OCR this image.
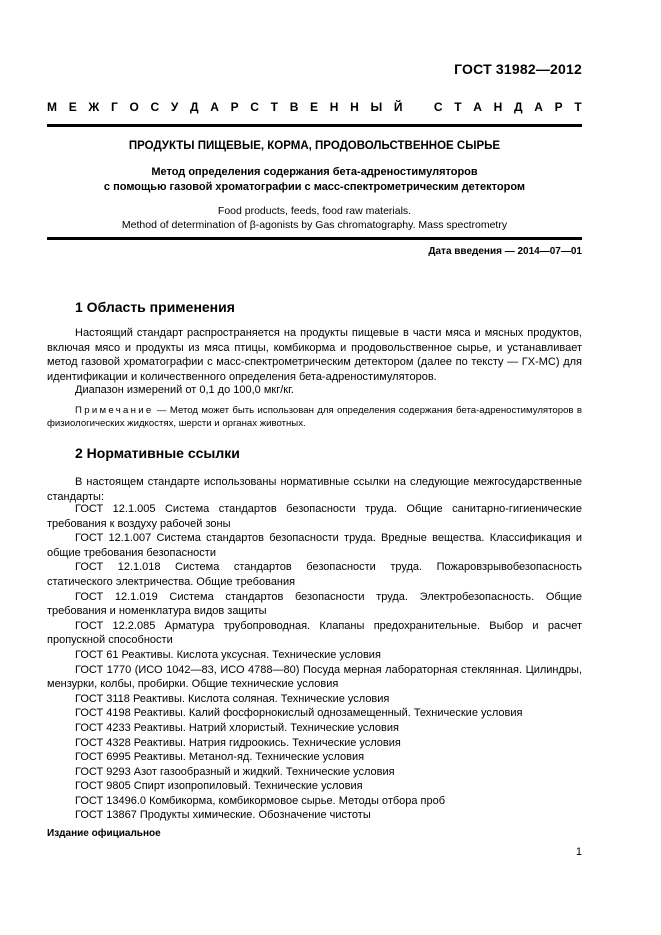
ГОСТ 31982—2012
М Е Ж Г О С У Д А Р С Т В Е Н Н Ы Й	С Т А Н Д А Р Т
ПРОДУКТЫ ПИЩЕВЫЕ, КОРМА, ПРОДОВОЛЬСТВЕННОЕ СЫРЬЕ
Метод определения содержания бета-адреностимуляторов
с помощью газовой хроматографии с масс-спектрометрическим детектором
Food products, feeds, food raw materials.
Method of determination of β-agonists by Gas chromatography. Mass spectrometry
Дата введения — 2014—07—01
1 Область применения
Настоящий стандарт распространяется на продукты пищевые в части мяса и мясных продуктов, включая мясо и продукты из мяса птицы, комбикорма и продовольственное сырье, и устанавливает метод газовой хроматографии с масс-спектрометрическим детектором (далее по тексту — ГХ-МС) для идентификации и количественного определения бета-адреностимуляторов.
Диапазон измерений от 0,1 до 100,0 мкг/кг.
Примечание — Метод может быть использован для определения содержания бета-адреностимуляторов в физиологических жидкостях, шерсти и органах животных.
2 Нормативные ссылки
В настоящем стандарте использованы нормативные ссылки на следующие межгосударственные стандарты:
ГОСТ 12.1.005 Система стандартов безопасности труда. Общие санитарно-гигиенические требования к воздуху рабочей зоны
ГОСТ 12.1.007 Система стандартов безопасности труда. Вредные вещества. Классификация и общие требования безопасности
ГОСТ 12.1.018 Система стандартов безопасности труда. Пожаровзрывобезопасность статического электричества. Общие требования
ГОСТ 12.1.019 Система стандартов безопасности труда. Электробезопасность. Общие требования и номенклатура видов защиты
ГОСТ 12.2.085 Арматура трубопроводная. Клапаны предохранительные. Выбор и расчет пропускной способности
ГОСТ 61 Реактивы. Кислота уксусная. Технические условия
ГОСТ 1770 (ИСО 1042—83, ИСО 4788—80) Посуда мерная лабораторная стеклянная. Цилиндры, мензурки, колбы, пробирки. Общие технические условия
ГОСТ 3118 Реактивы. Кислота соляная. Технические условия
ГОСТ 4198 Реактивы. Калий фосфорнокислый однозамещенный. Технические условия
ГОСТ 4233 Реактивы. Натрий хлористый. Технические условия
ГОСТ 4328 Реактивы. Натрия гидроокись. Технические условия
ГОСТ 6995 Реактивы. Метанол-яд. Технические условия
ГОСТ 9293 Азот газообразный и жидкий. Технические условия
ГОСТ 9805 Спирт изопропиловый. Технические условия
ГОСТ 13496.0 Комбикорма, комбикормовое сырье. Методы отбора проб
ГОСТ 13867 Продукты химические. Обозначение чистоты
Издание официальное
1
